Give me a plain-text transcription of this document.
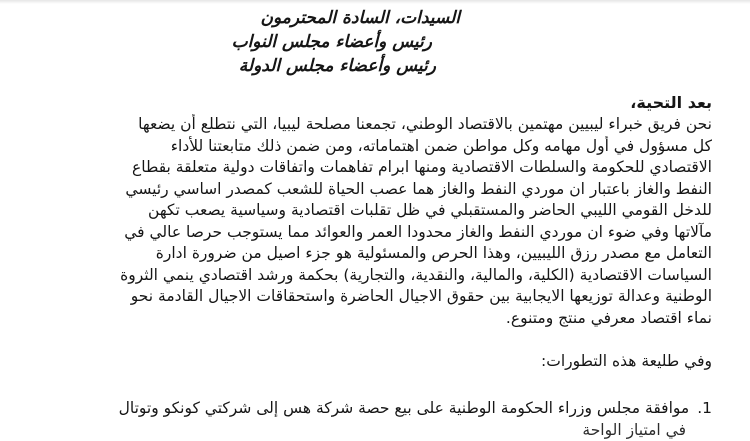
السيدات، السادة المحترمون
رئيس وأعضاء مجلس النواب
رئيس وأعضاء مجلس الدولة
بعد التحية،
نحن فريق خبراء ليبيين مهتمين بالاقتصاد الوطني، تجمعنا مصلحة ليبيا، التي نتطلع أن يضعها
كل مسؤول في أول مهامه وكل مواطن ضمن اهتماماته، ومن ضمن ذلك متابعتنا للأداء
الاقتصادي للحكومة والسلطات الاقتصادية ومنها ابرام تفاهمات واتفاقات دولية متعلقة بقطاع
النفط والغاز باعتبار ان موردي النفط والغاز هما عصب الحياة للشعب كمصدر اساسي رئيسي
للدخل القومي الليبي الحاضر والمستقبلي في ظل تقلبات اقتصادية وسياسية يصعب تكهن
مآلاتها وفي ضوء ان موردي النفط والغاز محدودا العمر والعوائد مما يستوجب حرصا عالي في
التعامل مع مصدر رزق الليبيين، وهذا الحرص والمسئولية هو جزء اصيل من ضرورة ادارة
السياسات الاقتصادية (الكلية، والمالية، والنقدية، والتجارية) بحكمة ورشد اقتصادي ينمي الثروة
الوطنية وعدالة توزيعها الايجابية بين حقوق الاجيال الحاضرة واستحقاقات الاجيال القادمة نحو
نماء اقتصاد معرفي منتج ومتنوع.
وفي طليعة هذه التطورات:
1.موافقة مجلس وزراء الحكومة الوطنية على بيع حصة شركة هس إلى شركتي كونكو وتوتال
في امتياز الواحة
